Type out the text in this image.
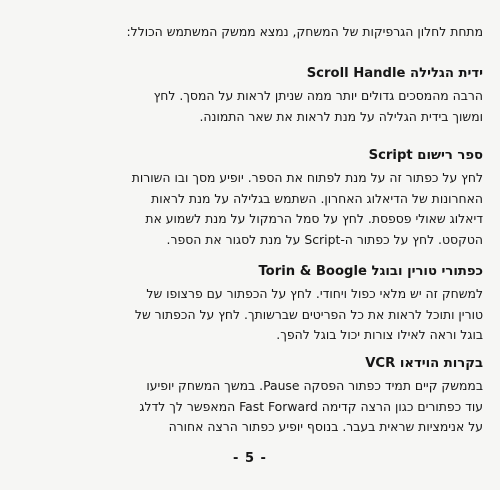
מתחת לחלון הגרפיקות של המשחק, נמצא ממשק המשתמש הכולל:
ידית הגלילה Scroll Handle
הרבה מהמסכים גדולים יותר ממה שניתן לראות על המסך. לחץ
ומשוך בידית הגלילה על מנת לראות את שאר התמונה.
ספר רישום Script
לחץ על כפתור זה על מנת לפתוח את הספר. יופיע מסך ובו השורות
האחרונות של הדיאלוג האחרון. השתמש בגלילה על מנת לראות
דיאלוג שאולי פספסת. לחץ על סמל הרמקול על מנת לשמוע את
הטקסט. לחץ על כפתור ה-Script על מנת לסגור את הספר.
כפתורי טורין ובוגל Torin & Boogle
למשחק זה יש מלאי כפול ויחודי. לחץ על הכפתור עם פרצופו של
טורין ותוכל לראות את כל הפריטים שברשותך. לחץ על הכפתור של
בוגל וראה לאילו צורות יכול בוגל להפך.
בקרות הוידאו VCR
בממשק קיים תמיד כפתור הפסקה Pause. במשך המשחק יופיעו
עוד כפתורים כגון הרצה קדימה Fast Forward המאפשר לך לדלג
על אנימציות שראית בעבר. בנוסף יופיע כפתור הרצה אחורה
- 5 -
